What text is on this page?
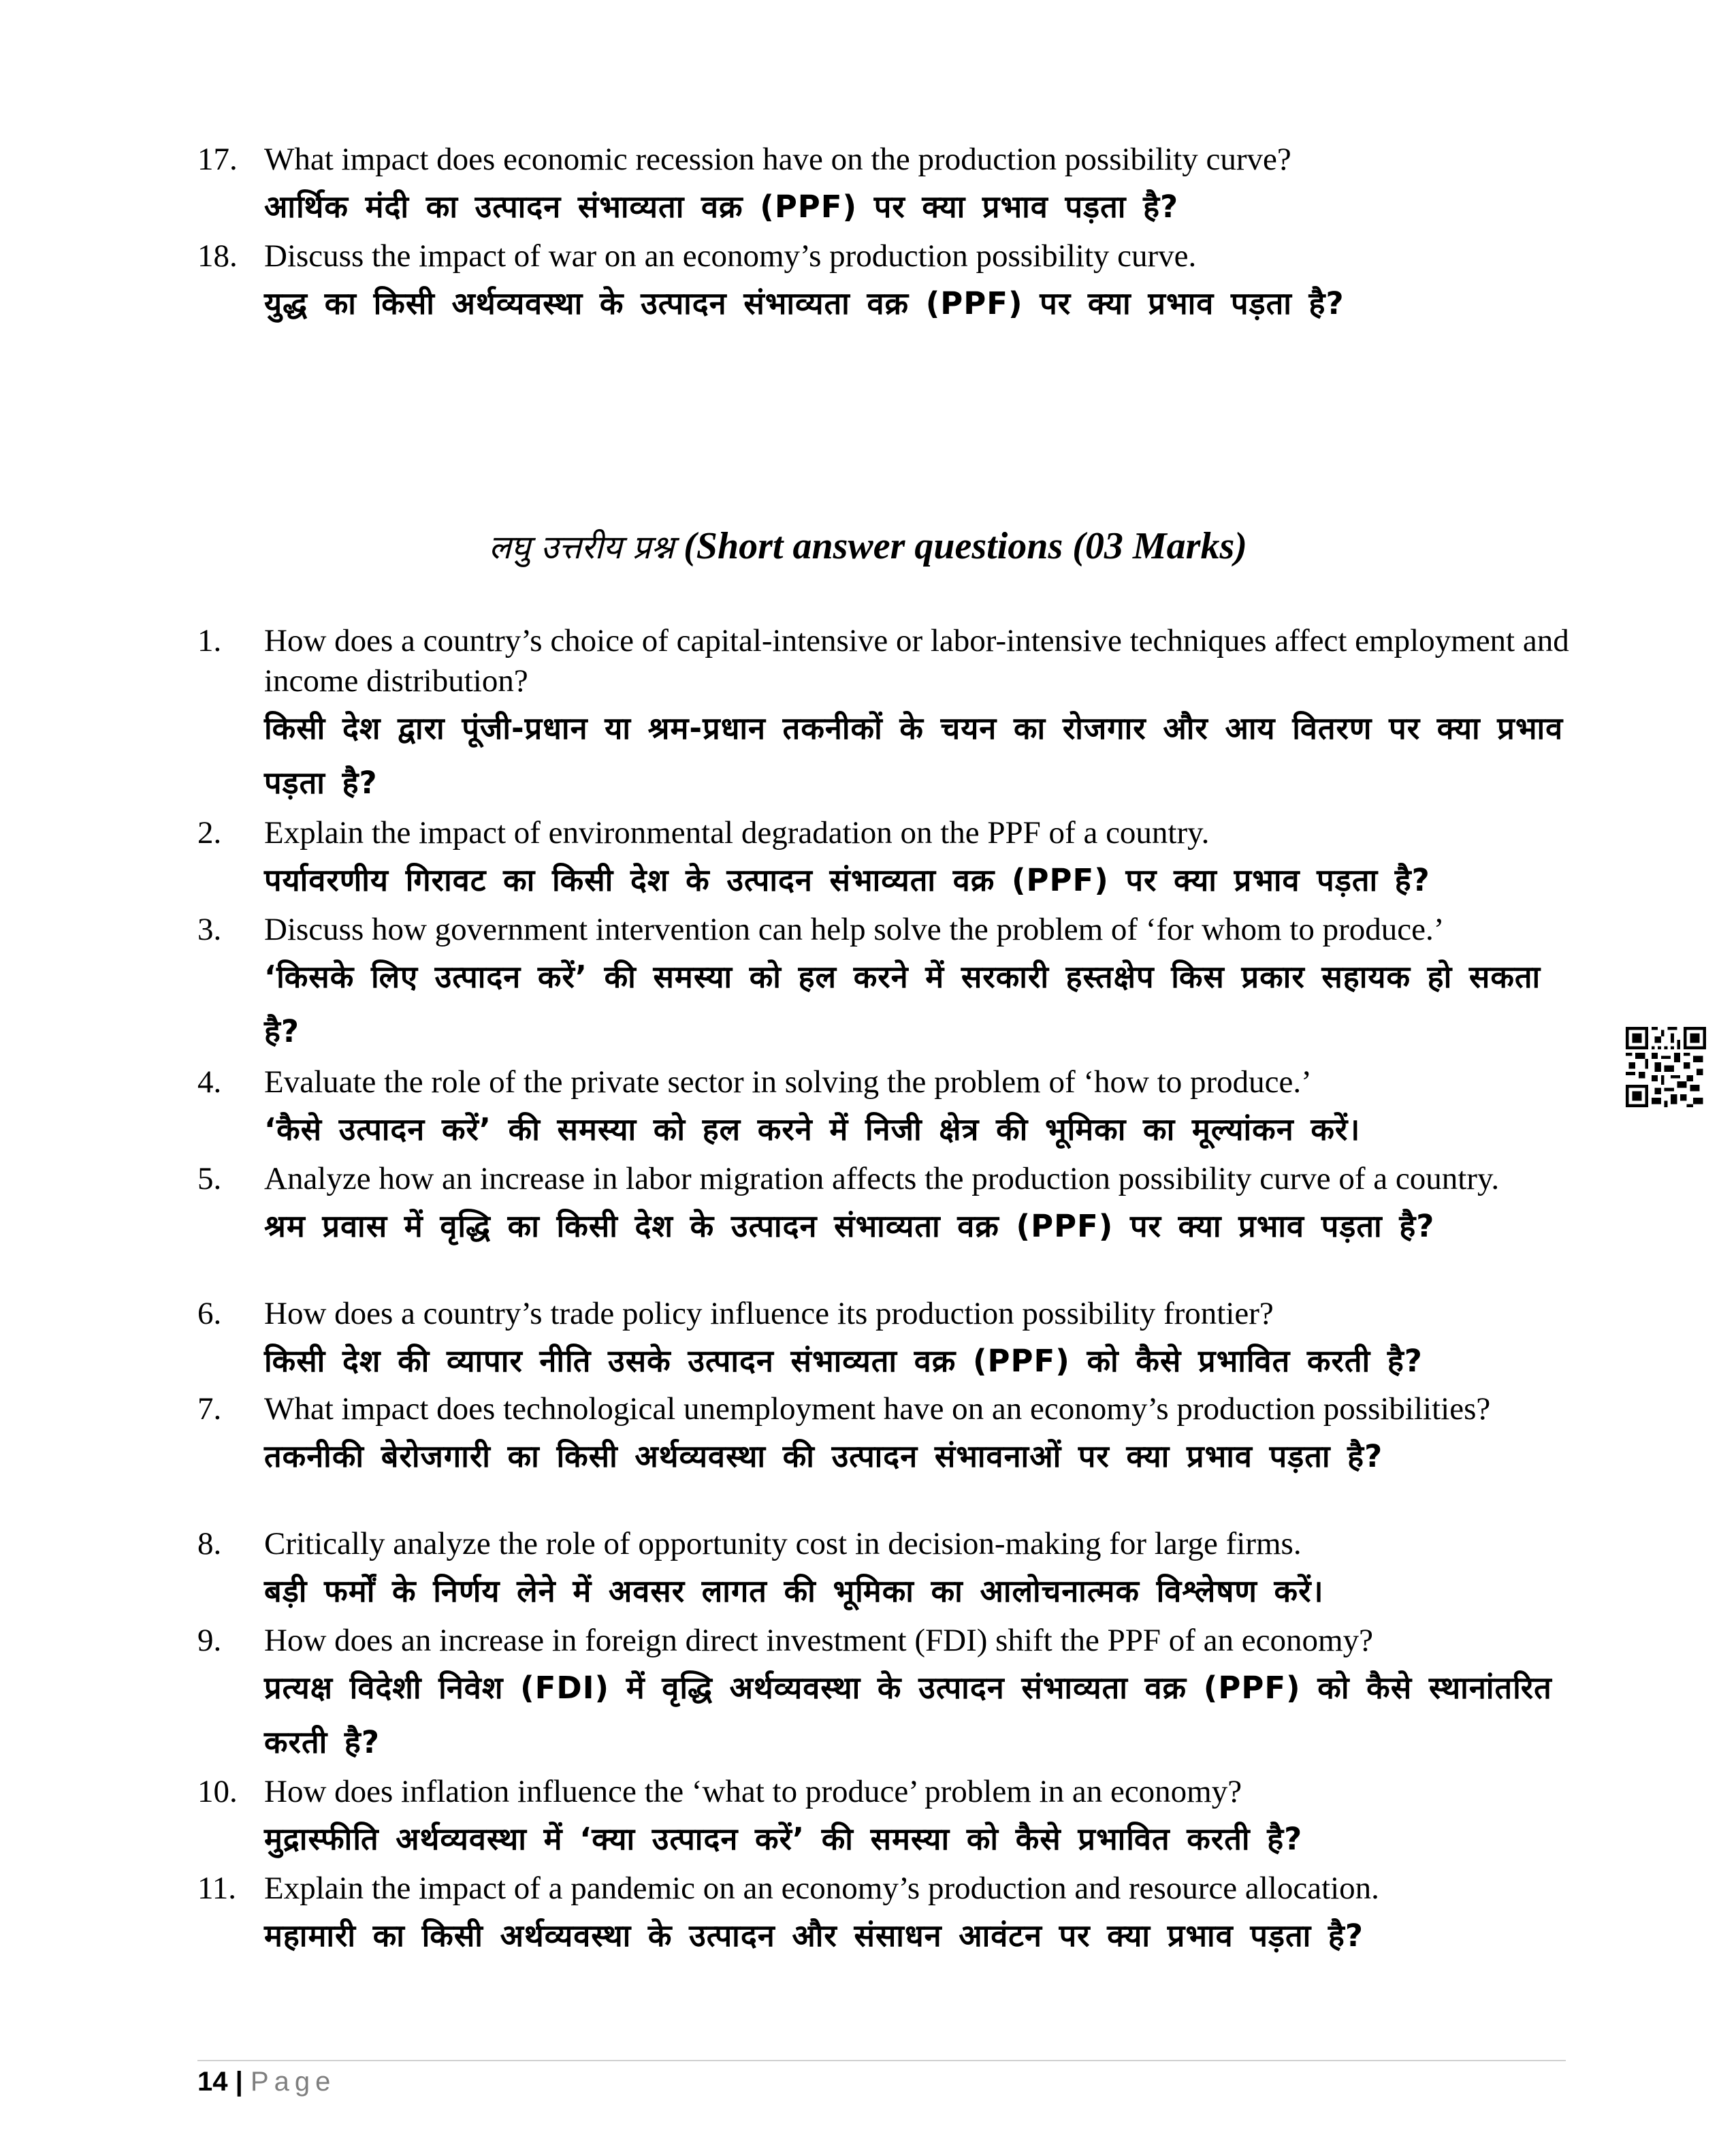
17. What impact does economic recession have on the production possibility curve?
आर्थिक मंदी का उत्पादन संभाव्यता वक्र (PPF) पर क्या प्रभाव पड़ता है?
18. Discuss the impact of war on an economy’s production possibility curve.
युद्ध का किसी अर्थव्यवस्था के उत्पादन संभाव्यता वक्र (PPF) पर क्या प्रभाव पड़ता है?
लघु उत्तरीय प्रश्न (Short answer questions (03 Marks)
1.	How does a country’s choice of capital-intensive or labor-intensive techniques affect employment and income distribution?
किसी देश द्वारा पूंजी-प्रधान या श्रम-प्रधान तकनीकों के चयन का रोजगार और आय वितरण पर क्या प्रभाव पड़ता है?
2.	Explain the impact of environmental degradation on the PPF of a country.
पर्यावरणीय गिरावट का किसी देश के उत्पादन संभाव्यता वक्र (PPF) पर क्या प्रभाव पड़ता है?
3.	Discuss how government intervention can help solve the problem of ‘for whom to produce.’
‘किसके लिए उत्पादन करें’ की समस्या को हल करने में सरकारी हस्तक्षेप किस प्रकार सहायक हो सकता है?
4.	Evaluate the role of the private sector in solving the problem of ‘how to produce.’
‘कैसे उत्पादन करें’ की समस्या को हल करने में निजी क्षेत्र की भूमिका का मूल्यांकन करें।
5.	Analyze how an increase in labor migration affects the production possibility curve of a country.
श्रम प्रवास में वृद्धि का किसी देश के उत्पादन संभाव्यता वक्र (PPF) पर क्या प्रभाव पड़ता है?
6.	How does a country’s trade policy influence its production possibility frontier?
किसी देश की व्यापार नीति उसके उत्पादन संभाव्यता वक्र (PPF) को कैसे प्रभावित करती है?
7.	What impact does technological unemployment have on an economy’s production possibilities?
तकनीकी बेरोजगारी का किसी अर्थव्यवस्था की उत्पादन संभावनाओं पर क्या प्रभाव पड़ता है?
8.	Critically analyze the role of opportunity cost in decision-making for large firms.
बड़ी फर्मों के निर्णय लेने में अवसर लागत की भूमिका का आलोचनात्मक विश्लेषण करें।
9.	How does an increase in foreign direct investment (FDI) shift the PPF of an economy?
प्रत्यक्ष विदेशी निवेश (FDI) में वृद्धि अर्थव्यवस्था के उत्पादन संभाव्यता वक्र (PPF) को कैसे स्थानांतरित करती है?
10. How does inflation influence the ‘what to produce’ problem in an economy?
मुद्रास्फीति अर्थव्यवस्था में ‘क्या उत्पादन करें’ की समस्या को कैसे प्रभावित करती है?
11. Explain the impact of a pandemic on an economy’s production and resource allocation.
महामारी का किसी अर्थव्यवस्था के उत्पादन और संसाधन आवंटन पर क्या प्रभाव पड़ता है?
14 | Page
